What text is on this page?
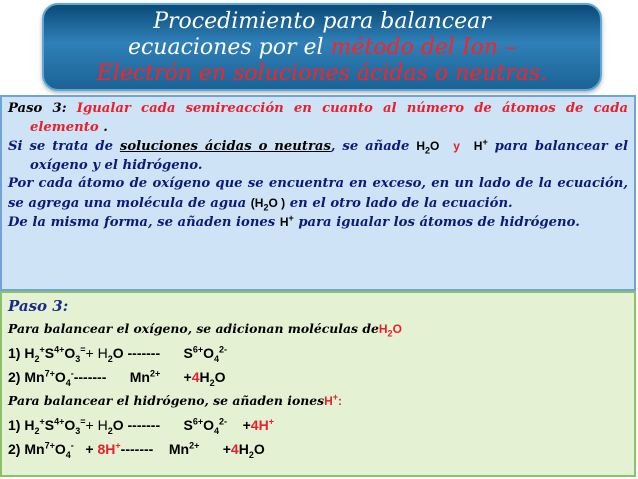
Procedimiento para balancear
ecuaciones por el método del Ion –
Electrón en soluciones ácidas o neutras.

Paso 3: Igualar cada semireacción en cuanto al número de átomos de cada elemento .

Si se trata de soluciones ácidas o neutras, se añade $H_2O$ y H+ para balancear el oxígeno y el hidrógeno.

Por cada átomo de oxígeno que se encuentra en exceso, en un lado de la ecuación, se agrega una molécula de agua ($H_2O$ ) en el otro lado de la ecuación.

De la misma forma, se añaden iones H+ para igualar los átomos de hidrógeno.

Paso 3:
Para balancear el oxígeno, se adicionan moléculas deH$_2$O
1) $H_2^+S^{4+}O_3^=+ H_2O$ ------- $S^{6+}O_4^{2-}$
2) $Mn^{7+}O_4^--------$ $Mn^{2+} +4H_2O$
Para balancear el hidrógeno, se añaden ionesH+:
1) $H_2^+S^{4+}O_3^=+ H_2O$ ------- $S^{6+}O_4^{2-} +4H^+$
2) $Mn^{7+}O_4^- + 8H^+-------$ $Mn^{2+} +4H_2O$
